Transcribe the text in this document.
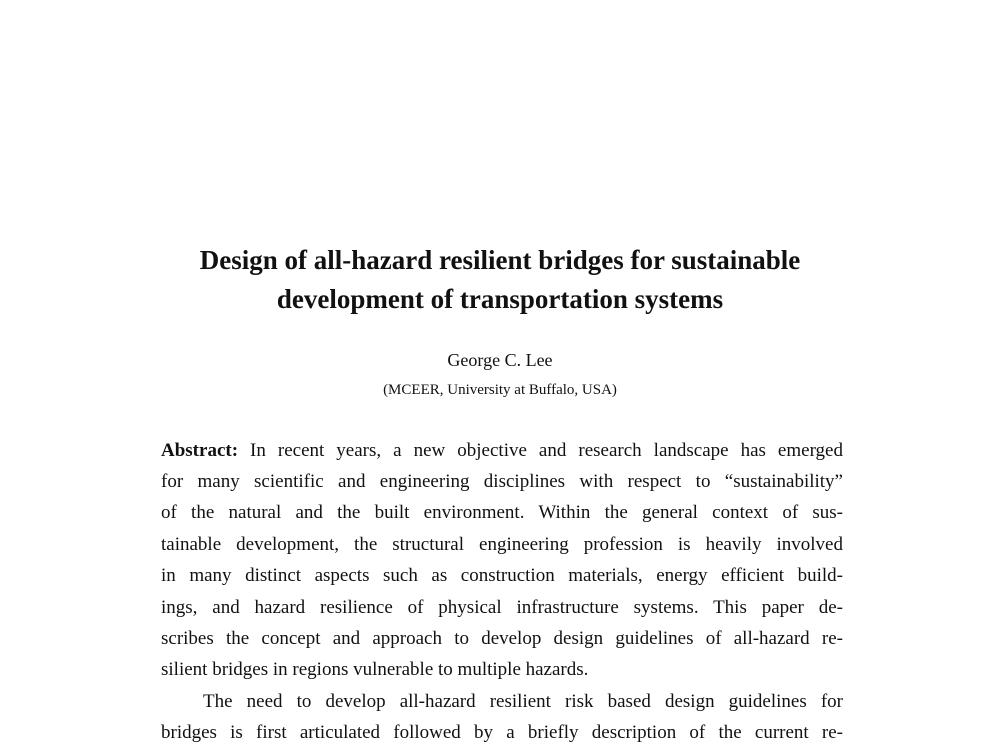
Design of all-hazard resilient bridges for sustainable
development of transportation systems
George C. Lee
(MCEER, University at Buffalo, USA)
Abstract: In recent years, a new objective and research landscape has emerged
for many scientific and engineering disciplines with respect to “sustainability”
of the natural and the built environment. Within the general context of sus-
tainable development, the structural engineering profession is heavily involved
in many distinct aspects such as construction materials, energy efficient build-
ings, and hazard resilience of physical infrastructure systems. This paper de-
scribes the concept and approach to develop design guidelines of all-hazard re-
silient bridges in regions vulnerable to multiple hazards.
The need to develop all-hazard resilient risk based design guidelines for
bridges is first articulated followed by a briefly description of the current re-
